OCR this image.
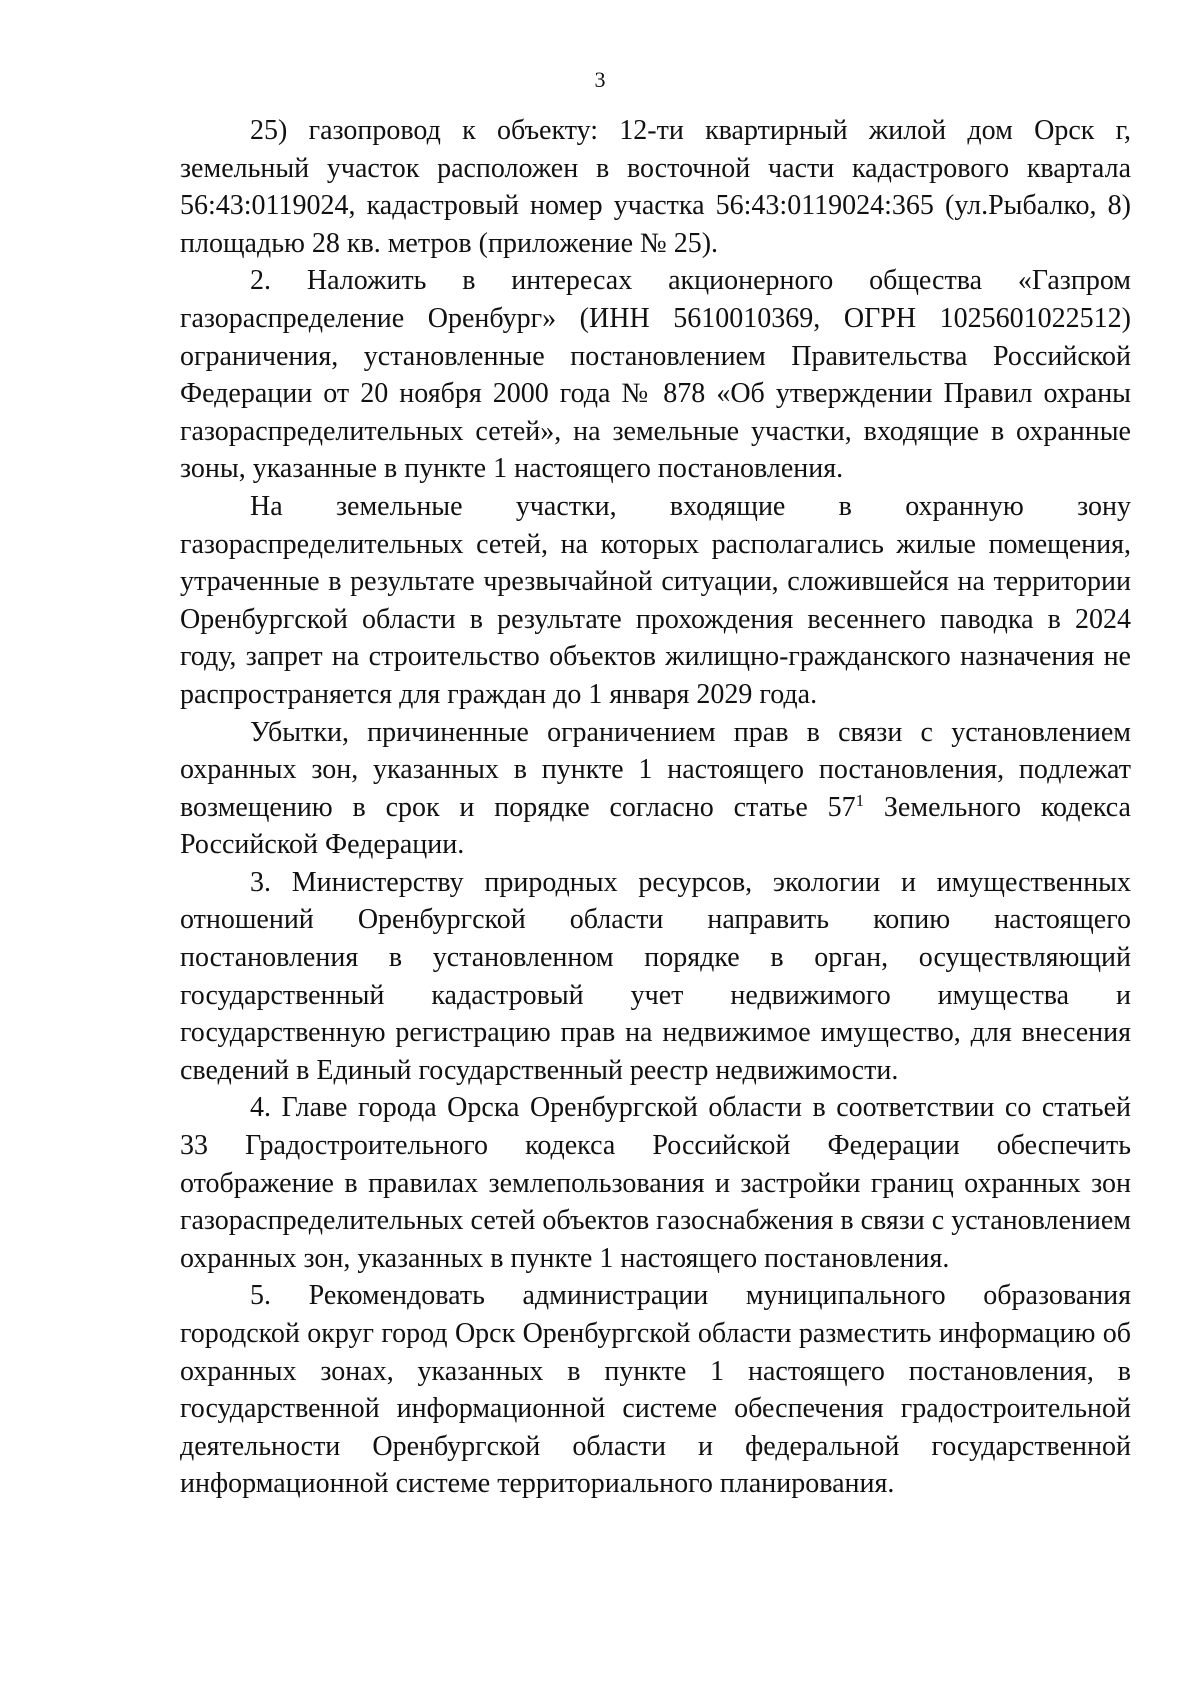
3

25) газопровод к объекту: 12-ти квартирный жилой дом Орск г, земельный участок расположен в восточной части кадастрового квартала 56:43:0119024, кадастровый номер участка 56:43:0119024:365 (ул.Рыбалко, 8) площадью 28 кв. метров (приложение № 25).

2. Наложить в интересах акционерного общества «Газпром газораспределение Оренбург» (ИНН 5610010369, ОГРН 1025601022512) ограничения, установленные постановлением Правительства Российской Федерации от 20 ноября 2000 года № 878 «Об утверждении Правил охраны газораспределительных сетей», на земельные участки, входящие в охранные зоны, указанные в пункте 1 настоящего постановления.

На земельные участки, входящие в охранную зону газораспределительных сетей, на которых располагались жилые помещения, утраченные в результате чрезвычайной ситуации, сложившейся на территории Оренбургской области в результате прохождения весеннего паводка в 2024 году, запрет на строительство объектов жилищно-гражданского назначения не распространяется для граждан до 1 января 2029 года.

Убытки, причиненные ограничением прав в связи с установлением охранных зон, указанных в пункте 1 настоящего постановления, подлежат возмещению в срок и порядке согласно статье $57^1$ Земельного кодекса Российской Федерации.

3. Министерству природных ресурсов, экологии и имущественных отношений Оренбургской области направить копию настоящего постановления в установленном порядке в орган, осуществляющий государственный кадастровый учет недвижимого имущества и государственную регистрацию прав на недвижимое имущество, для внесения сведений в Единый государственный реестр недвижимости.

4. Главе города Орска Оренбургской области в соответствии со статьей 33 Градостроительного кодекса Российской Федерации обеспечить отображение в правилах землепользования и застройки границ охранных зон газораспределительных сетей объектов газоснабжения в связи с установлением охранных зон, указанных в пункте 1 настоящего постановления.

5. Рекомендовать администрации муниципального образования городской округ город Орск Оренбургской области разместить информацию об охранных зонах, указанных в пункте 1 настоящего постановления, в государственной информационной системе обеспечения градостроительной деятельности Оренбургской области и федеральной государственной информационной системе территориального планирования.
